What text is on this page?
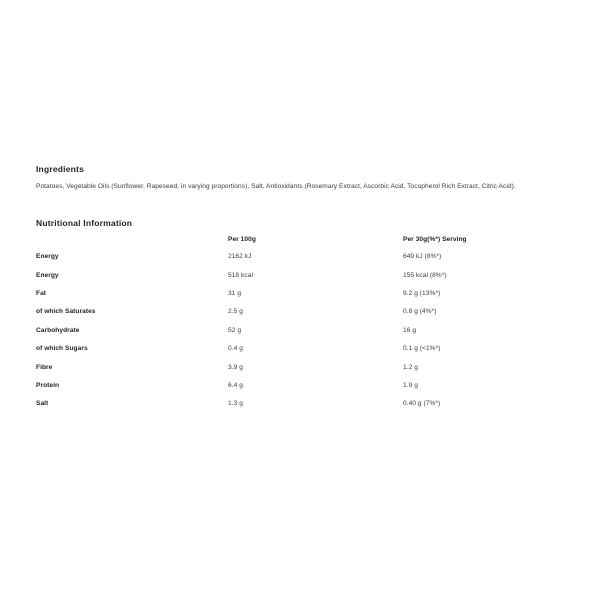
Ingredients

Potatoes, Vegetable Oils (Sunflower, Rapeseed, in varying proportions), Salt, Antioxidants (Rosemary Extract, Ascorbic Acid, Tocopherol Rich Extract, Citric Acid).

Nutritional Information
	Per 100g	Per 30g(%*) Serving
Energy	2162 kJ	649 kJ (8%*)
Energy	518 kcal	155 kcal (8%*)
Fat	31 g	9.2 g (13%*)
of which Saturates	2.5 g	0.8 g (4%*)
Carbohydrate	52 g	16 g
of which Sugars	0.4 g	0.1 g (<1%*)
Fibre	3.9 g	1.2 g
Protein	6.4 g	1.9 g
Salt	1.3 g	0.40 g (7%*)
